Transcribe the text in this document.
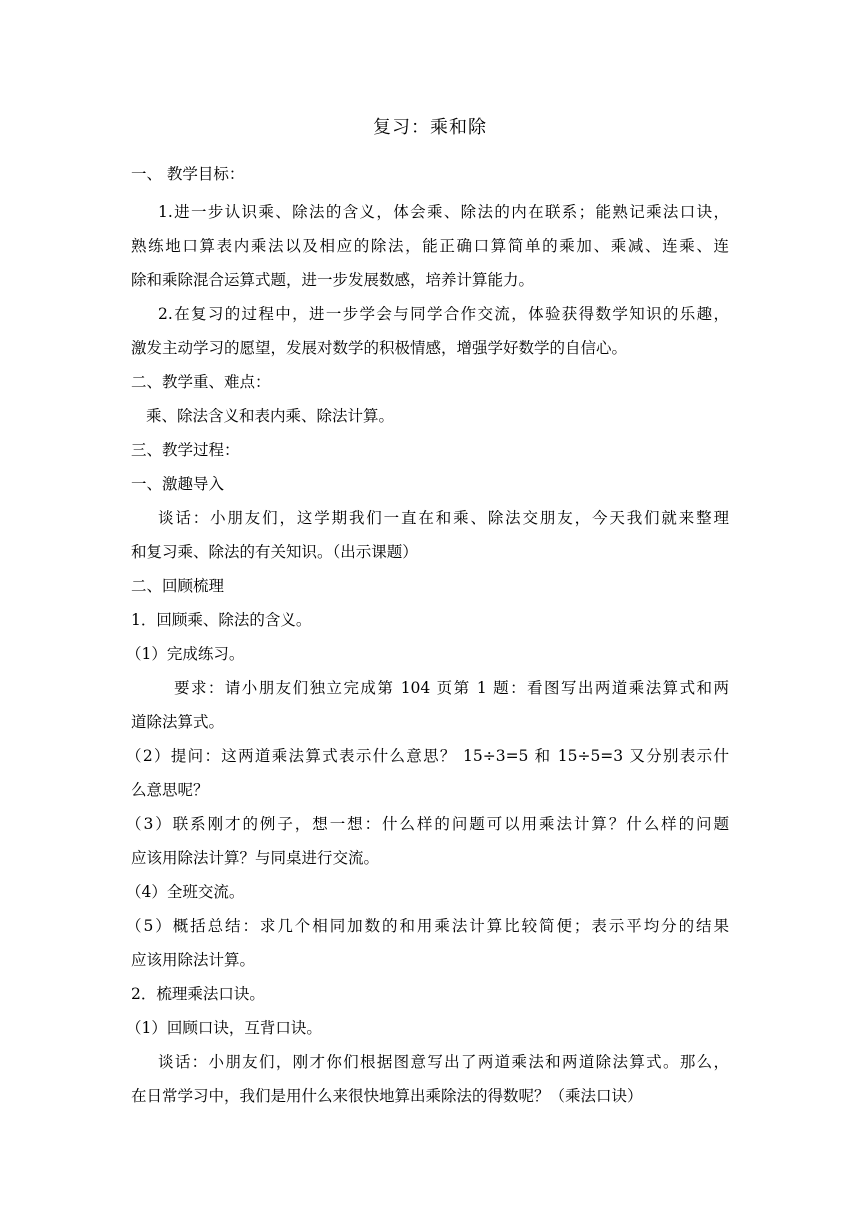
复习：乘和除
一、 教学目标：
1.进一步认识乘、除法的含义，体会乘、除法的内在联系；能熟记乘法口诀，
熟练地口算表内乘法以及相应的除法，能正确口算简单的乘加、乘减、连乘、连
除和乘除混合运算式题，进一步发展数感，培养计算能力。
2.在复习的过程中，进一步学会与同学合作交流，体验获得数学知识的乐趣，
激发主动学习的愿望，发展对数学的积极情感，增强学好数学的自信心。
二、教学重、难点：
乘、除法含义和表内乘、除法计算。
三、教学过程：
一、激趣导入
谈话：小朋友们，这学期我们一直在和乘、除法交朋友，今天我们就来整理
和复习乘、除法的有关知识。（出示课题）
二、回顾梳理
1．回顾乘、除法的含义。
（1）完成练习。
要求：请小朋友们独立完成第 104 页第 1 题：看图写出两道乘法算式和两
道除法算式。
（2）提问：这两道乘法算式表示什么意思？ 15÷3=5 和 15÷5=3 又分别表示什
么意思呢？
（3）联系刚才的例子，想一想：什么样的问题可以用乘法计算？什么样的问题
应该用除法计算？与同桌进行交流。
（4）全班交流。
（5）概括总结：求几个相同加数的和用乘法计算比较简便；表示平均分的结果
应该用除法计算。
2．梳理乘法口诀。
（1）回顾口诀，互背口诀。
谈话：小朋友们，刚才你们根据图意写出了两道乘法和两道除法算式。那么，
在日常学习中，我们是用什么来很快地算出乘除法的得数呢？（乘法口诀）
